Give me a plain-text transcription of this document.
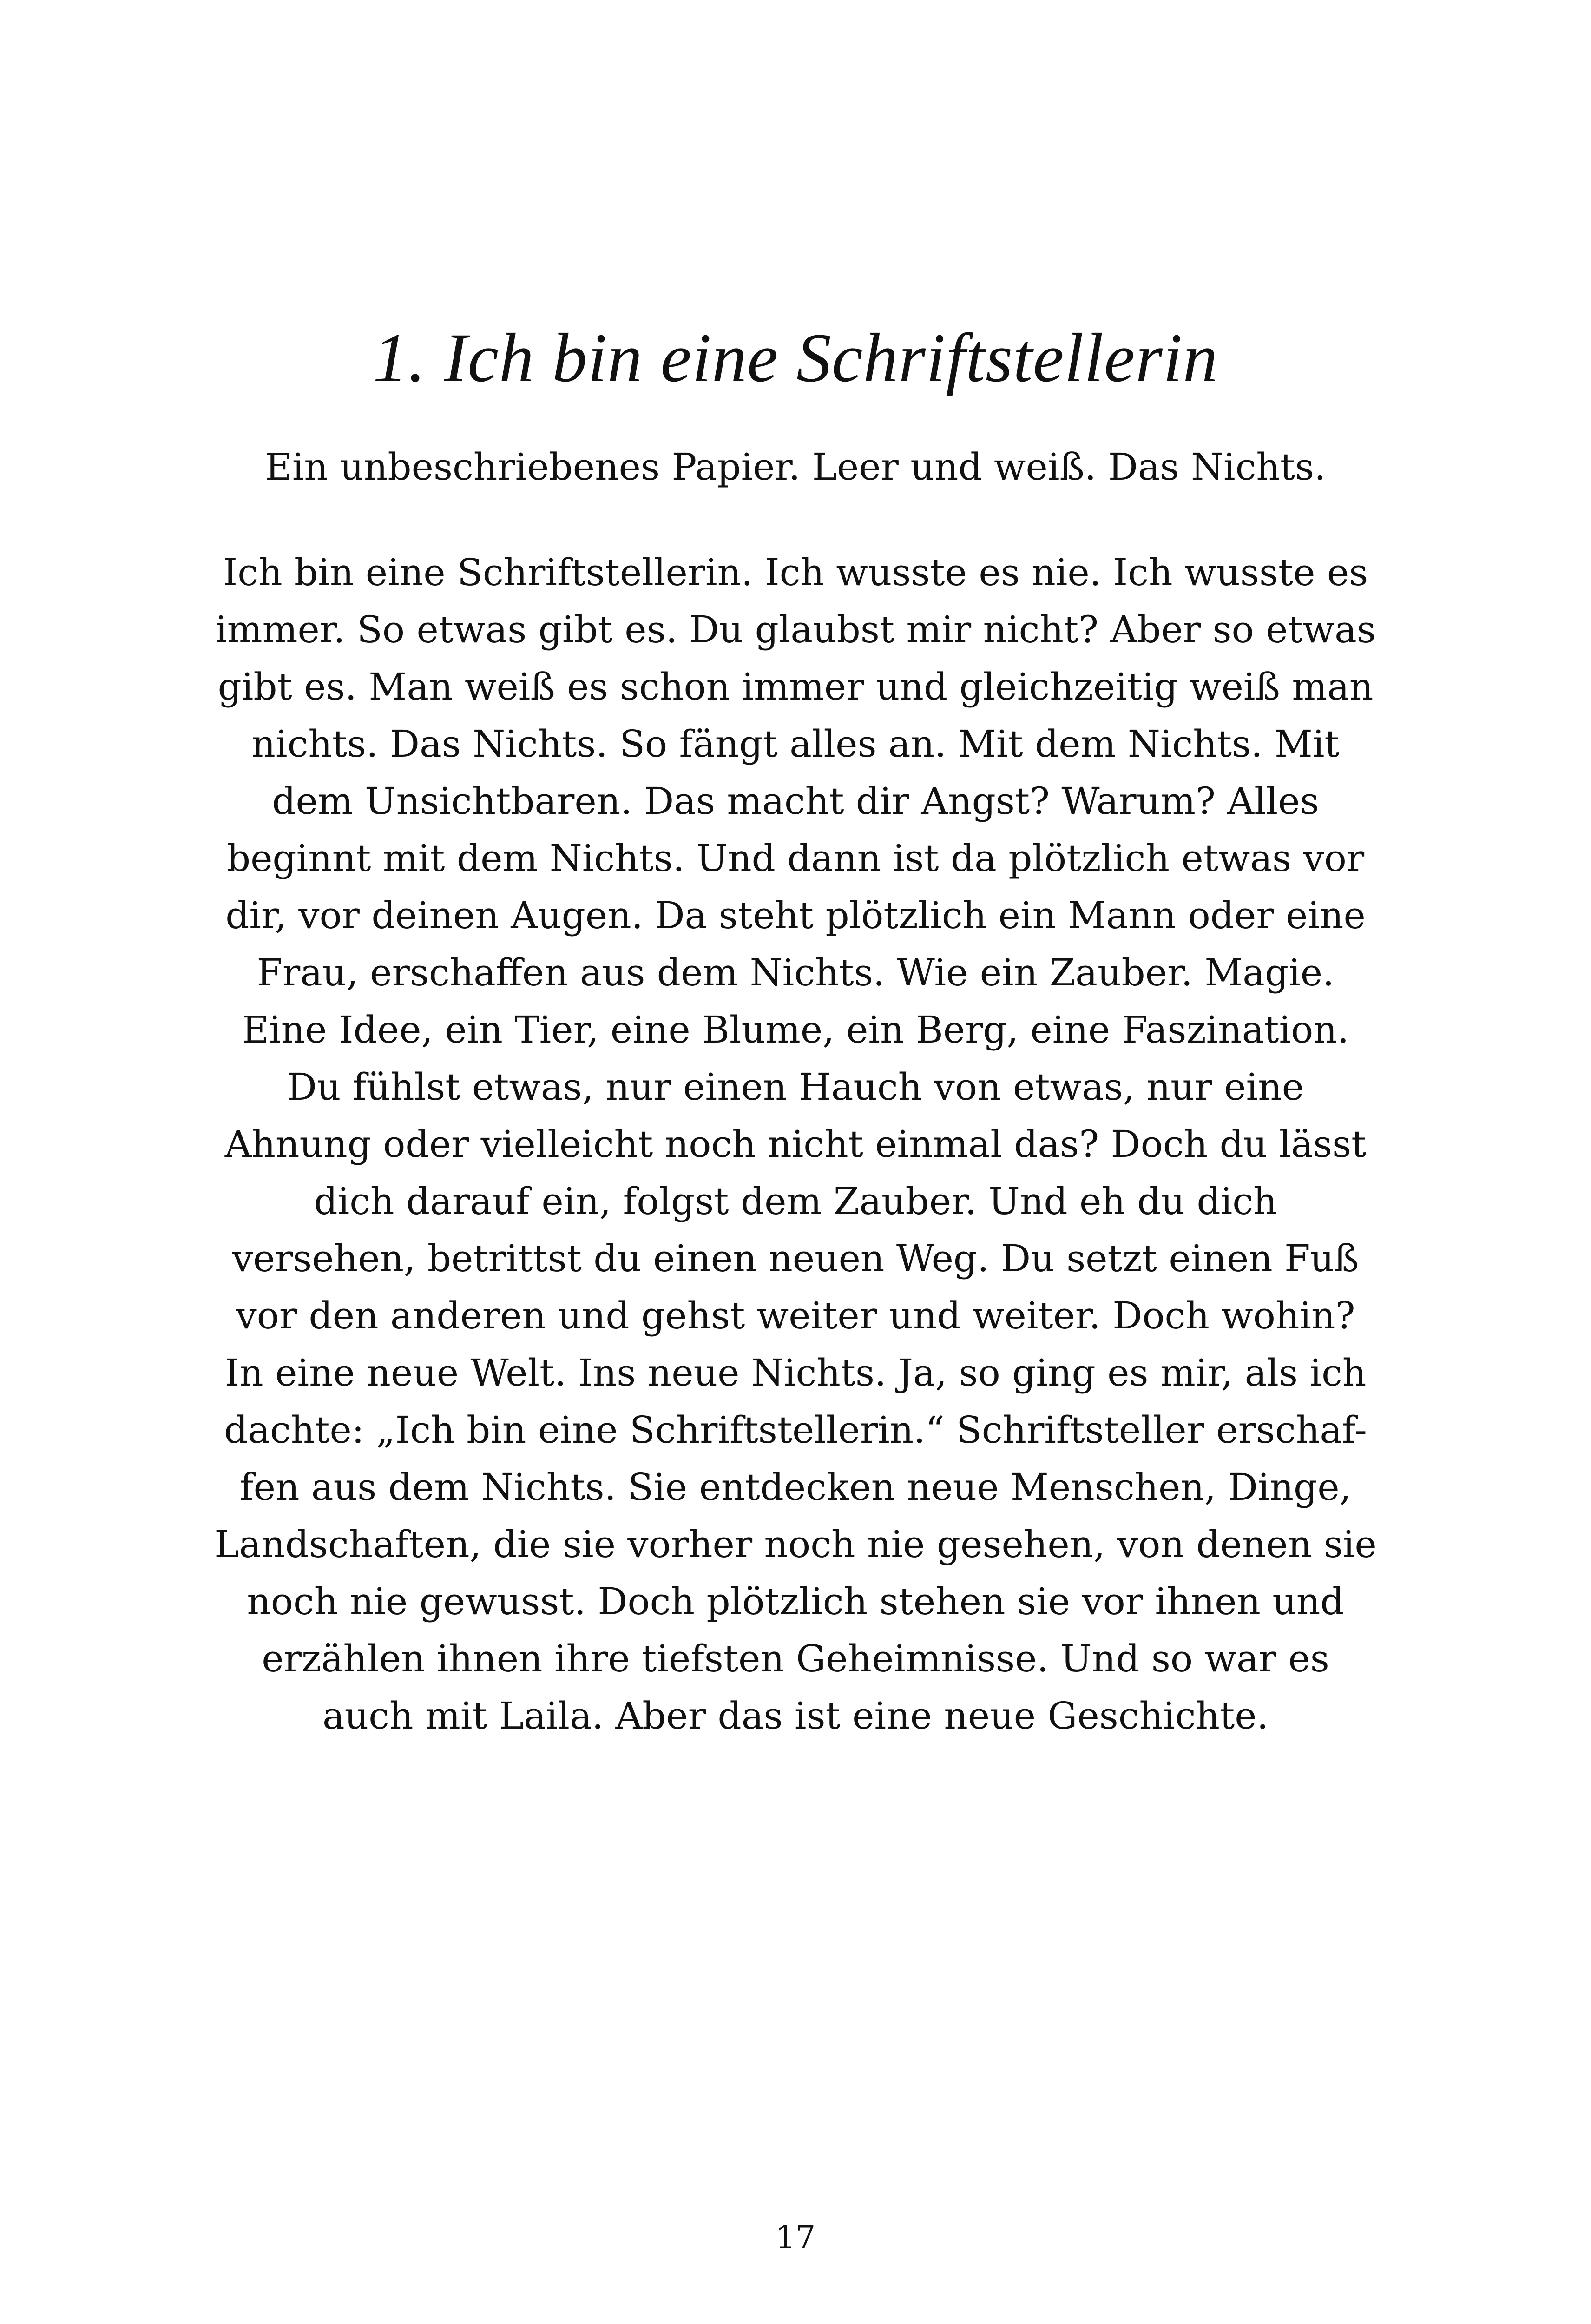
1. Ich bin eine Schriftstellerin

Ein unbeschriebenes Papier. Leer und weiß. Das Nichts.

Ich bin eine Schriftstellerin. Ich wusste es nie. Ich wusste es
immer. So etwas gibt es. Du glaubst mir nicht? Aber so etwas
gibt es. Man weiß es schon immer und gleichzeitig weiß man
nichts. Das Nichts. So fängt alles an. Mit dem Nichts. Mit
dem Unsichtbaren. Das macht dir Angst? Warum? Alles
beginnt mit dem Nichts. Und dann ist da plötzlich etwas vor
dir, vor deinen Augen. Da steht plötzlich ein Mann oder eine
Frau, erschaffen aus dem Nichts. Wie ein Zauber. Magie.
Eine Idee, ein Tier, eine Blume, ein Berg, eine Faszination.
Du fühlst etwas, nur einen Hauch von etwas, nur eine
Ahnung oder vielleicht noch nicht einmal das? Doch du lässt
dich darauf ein, folgst dem Zauber. Und eh du dich
versehen, betrittst du einen neuen Weg. Du setzt einen Fuß
vor den anderen und gehst weiter und weiter. Doch wohin?
In eine neue Welt. Ins neue Nichts. Ja, so ging es mir, als ich
dachte: „Ich bin eine Schriftstellerin.“ Schriftsteller erschaf-
fen aus dem Nichts. Sie entdecken neue Menschen, Dinge,
Landschaften, die sie vorher noch nie gesehen, von denen sie
noch nie gewusst. Doch plötzlich stehen sie vor ihnen und
erzählen ihnen ihre tiefsten Geheimnisse. Und so war es
auch mit Laila. Aber das ist eine neue Geschichte.

17
